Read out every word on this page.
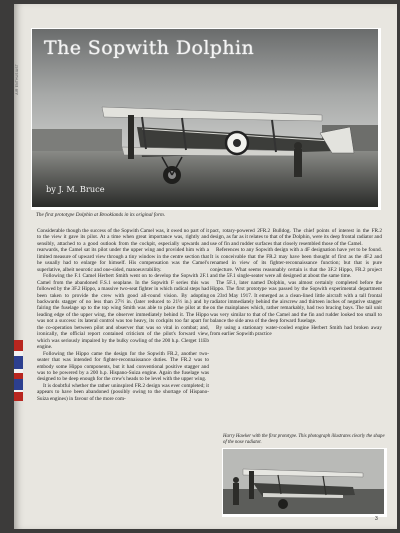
AIR ENTHUSIAST
The Sopwith Dolphin
by J. M. Bruce
The first prototype Dolphin at Brooklands in its original form.

Considerable though the success of the Sopwith Camel was, it owed no part of it to the view it gave its pilot. At a time when great importance was, rightly and sensibly, attached to a good outlook from the cockpit, especially upwards and rearwards, the Camel sat its pilot under the upper wing and provided him with a limited measure of upward view through a tiny window in the centre section that he usually had to enlarge for himself. His compensation was the Camel's superlative, albeit neurotic and one-sided, manoeuvrability.

Following the F.1 Camel Herbert Smith went on to develop the Sopwith 2F.1 Camel from the abandoned F.S.1 seaplane. In the Sopwith F series this was followed by the 3F.2 Hippo, a massive two-seat fighter in which radical steps had been taken to provide the crew with good all-round vision. By adopting backwards stagger of no less than 27½ in. (later reduced to 21½ in.) and by fairing the fuselage up to the top wing Smith was able to place the pilot at the leading edge of the upper wing, the observer immediately behind it. The Hippo was not a success: its lateral control was too heavy, its cockpits too far apart for the co-operation between pilot and observer that was so vital in combat; and, ironically, the official report contained criticism of the pilot's forward view, which was seriously impaired by the bulky cowling of the 200 h.p. Clerget 11Eb engine.

Following the Hippo came the design for the Sopwith FR.2, another two-seater that was intended for fighter-reconnaissance duties. The FR.2 was to embody some Hippo components, but it had conventional positive stagger and was to be powered by a 200 h.p. Hispano-Suiza engine. Again the fuselage was designed to be deep enough for the crew's heads to be level with the upper wing.

It is doubtful whether the rather uninspired FR.2 design was ever completed; it appears to have been abandoned (possibly owing to the shortage of Hispano-Suiza engines) in favour of the more com-

pact, rotary-powered 2FR.2 Bulldog. The chief points of interest in the FR.2 design, as far as it relates to that of the Dolphin, were its deep frontal radiator and use of fin and rudder surfaces that closely resembled those of the Camel.

References to any Sopwith design with a 4F designation have yet to be found. It is conceivable that the FR.2 may have been thought of first as the 4F.2 and renamed in view of its fighter-reconnaissance function; but that is pure conjecture. What seems reasonably certain is that the 3F.2 Hippo, FR.2 project and the 5F.1 single-seater were all designed at about the same time.

The 5F.1, later named Dolphin, was almost certainly completed before the Hippo. The first prototype was passed by the Sopwith experimental department on 23rd May 1917. It emerged as a clean-lined little aircraft with a tall frontal radiator immediately behind the airscrew and thirteen inches of negative stagger on the mainplanes which, rather remarkably, had two bracing bays. The tail unit was very similar to that of the Camel and the fin and rudder looked too small to balance the side area of the deep forward fuselage.

By using a stationary water-cooled engine Herbert Smith had broken away from earlier Sopwith practice

Harry Hawker with the first prototype. This photograph illustrates clearly the shape of the nose radiator.
3
